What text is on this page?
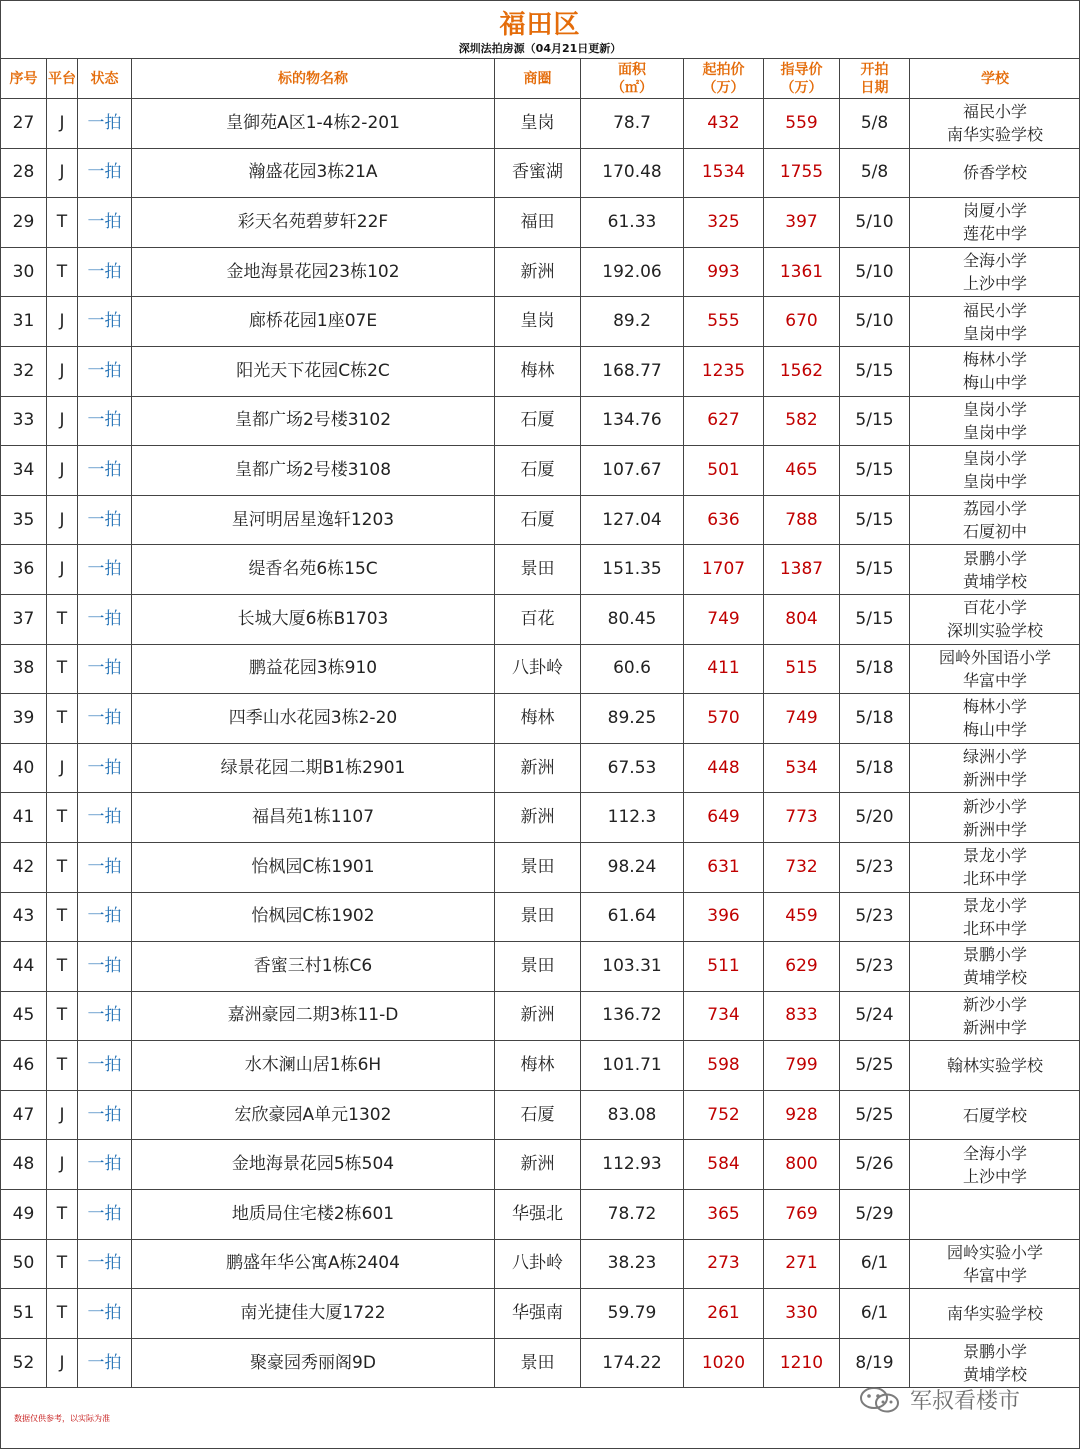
福田区
深圳法拍房源（04月21日更新）
序号	平台	状态	标的物名称	商圈	面积
（㎡）	起拍价
（万）	指导价
（万）	开拍
日期	学校
27	J	一拍	皇御苑A区1-4栋2-201	皇岗	78.7	432	559	5/8	福民小学
南华实验学校
28	J	一拍	瀚盛花园3栋21A	香蜜湖	170.48	1534	1755	5/8	侨香学校
29	T	一拍	彩天名苑碧萝轩22F	福田	61.33	325	397	5/10	岗厦小学
莲花中学
30	T	一拍	金地海景花园23栋102	新洲	192.06	993	1361	5/10	全海小学
上沙中学
31	J	一拍	廊桥花园1座07E	皇岗	89.2	555	670	5/10	福民小学
皇岗中学
32	J	一拍	阳光天下花园C栋2C	梅林	168.77	1235	1562	5/15	梅林小学
梅山中学
33	J	一拍	皇都广场2号楼3102	石厦	134.76	627	582	5/15	皇岗小学
皇岗中学
34	J	一拍	皇都广场2号楼3108	石厦	107.67	501	465	5/15	皇岗小学
皇岗中学
35	J	一拍	星河明居星逸轩1203	石厦	127.04	636	788	5/15	荔园小学
石厦初中
36	J	一拍	缇香名苑6栋15C	景田	151.35	1707	1387	5/15	景鹏小学
黄埔学校
37	T	一拍	长城大厦6栋B1703	百花	80.45	749	804	5/15	百花小学
深圳实验学校
38	T	一拍	鹏益花园3栋910	八卦岭	60.6	411	515	5/18	园岭外国语小学
华富中学
39	T	一拍	四季山水花园3栋2-20	梅林	89.25	570	749	5/18	梅林小学
梅山中学
40	J	一拍	绿景花园二期B1栋2901	新洲	67.53	448	534	5/18	绿洲小学
新洲中学
41	T	一拍	福昌苑1栋1107	新洲	112.3	649	773	5/20	新沙小学
新洲中学
42	T	一拍	怡枫园C栋1901	景田	98.24	631	732	5/23	景龙小学
北环中学
43	T	一拍	怡枫园C栋1902	景田	61.64	396	459	5/23	景龙小学
北环中学
44	T	一拍	香蜜三村1栋C6	景田	103.31	511	629	5/23	景鹏小学
黄埔学校
45	T	一拍	嘉洲豪园二期3栋11-D	新洲	136.72	734	833	5/24	新沙小学
新洲中学
46	T	一拍	水木澜山居1栋6H	梅林	101.71	598	799	5/25	翰林实验学校
47	J	一拍	宏欣豪园A单元1302	石厦	83.08	752	928	5/25	石厦学校
48	J	一拍	金地海景花园5栋504	新洲	112.93	584	800	5/26	全海小学
上沙中学
49	T	一拍	地质局住宅楼2栋601	华强北	78.72	365	769	5/29	
50	T	一拍	鹏盛年华公寓A栋2404	八卦岭	38.23	273	271	6/1	园岭实验小学
华富中学
51	T	一拍	南光捷佳大厦1722	华强南	59.79	261	330	6/1	南华实验学校
52	J	一拍	聚豪园秀丽阁9D	景田	174.22	1020	1210	8/19	景鹏小学
黄埔学校
数据仅供参考，以实际为准
军叔看楼市
